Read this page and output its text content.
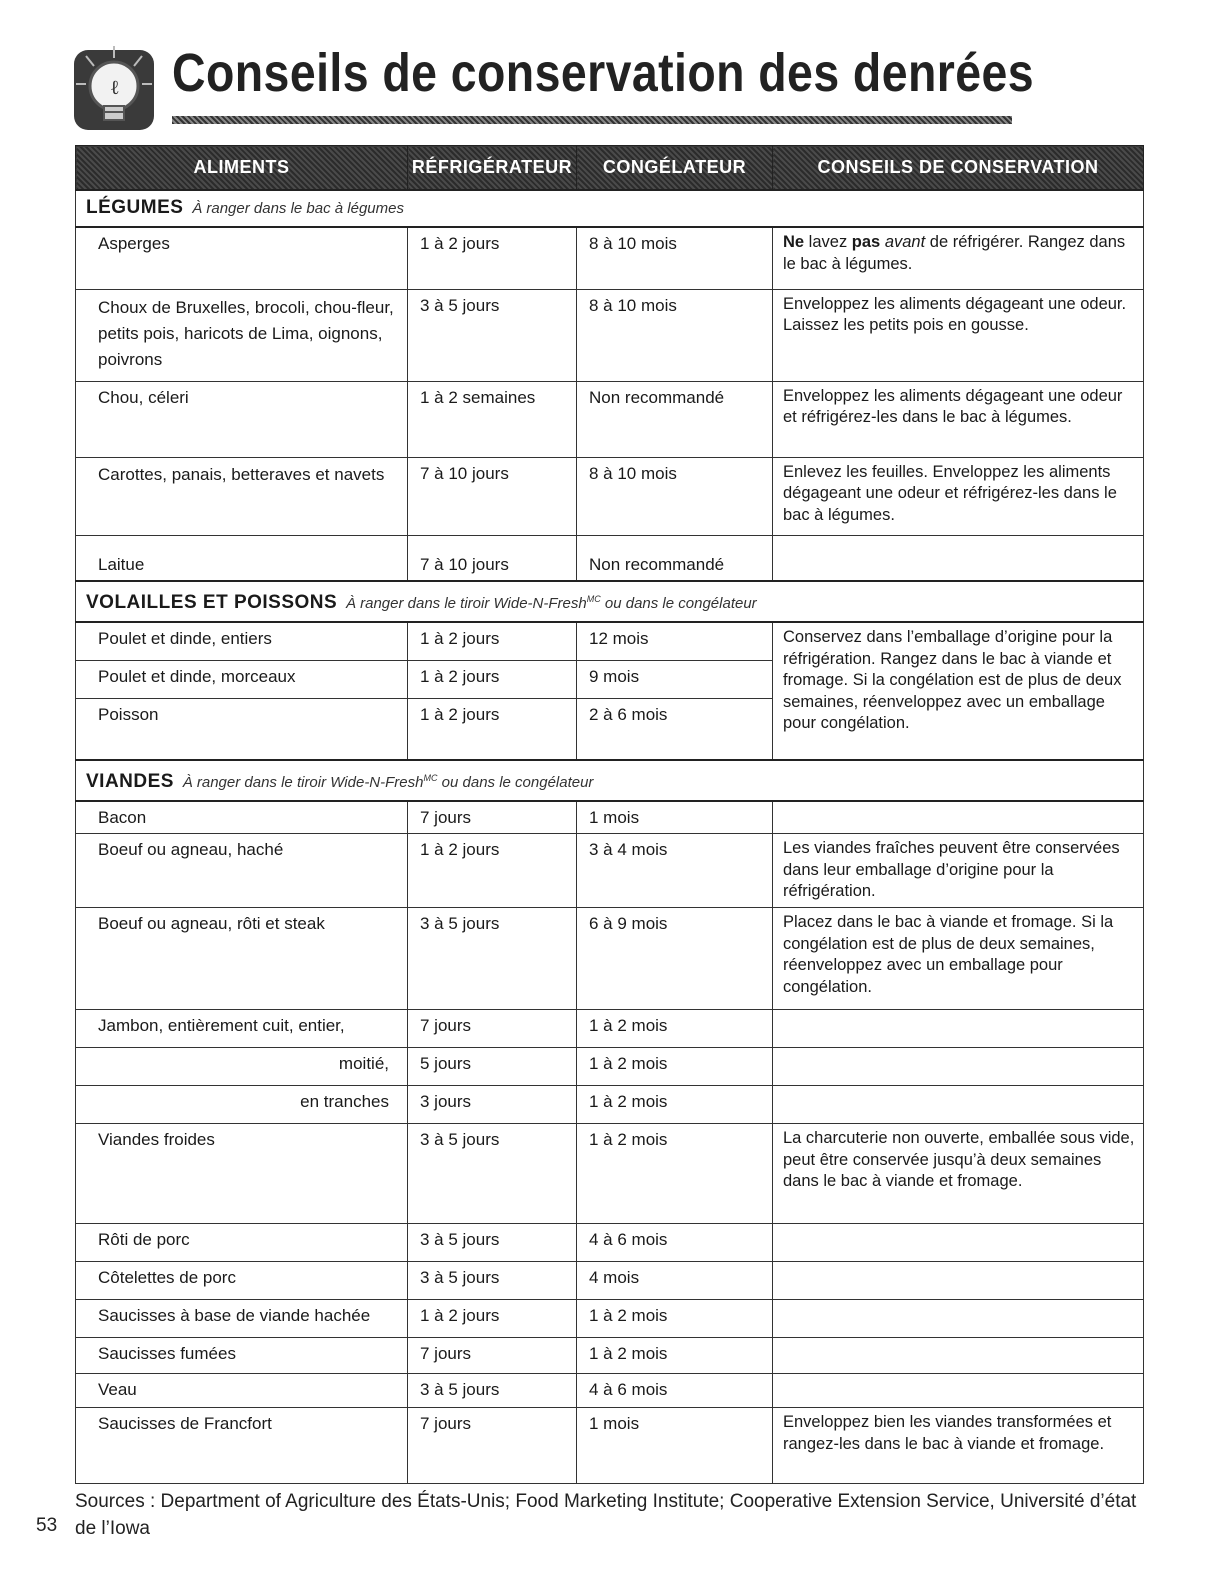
ℓ Conseils de conservation des denrées
ALIMENTS	RÉFRIGÉRATEUR	CONGÉLATEUR	CONSEILS DE CONSERVATION
LÉGUMES À ranger dans le bac à légumes			
Asperges	1 à 2 jours	8 à 10 mois	Ne lavez pas avant de réfrigérer. Rangez dans le bac à légumes.
Choux de Bruxelles, brocoli, chou-fleur, petits pois, haricots de Lima, oignons, poivrons	3 à 5 jours	8 à 10 mois	Enveloppez les aliments dégageant une odeur. Laissez les petits pois en gousse.
Chou, céleri	1 à 2 semaines	Non recommandé	Enveloppez les aliments dégageant une odeur et réfrigérez-les dans le bac à légumes.
Carottes, panais, betteraves et navets	7 à 10 jours	8 à 10 mois	Enlevez les feuilles. Enveloppez les aliments dégageant une odeur et réfrigérez-les dans le bac à légumes.
Laitue	7 à 10 jours	Non recommandé	
VOLAILLES ET POISSONS À ranger dans le tiroir Wide-N-Fresh$^{MC}$ ou dans le congélateur			
Poulet et dinde, entiers	1 à 2 jours	12 mois	Conservez dans l’emballage d’origine pour la réfrigération. Rangez dans le bac à viande et fromage. Si la congélation est de plus de deux semaines, réenveloppez avec un emballage pour congélation.
Poulet et dinde, morceaux	1 à 2 jours	9 mois	
Poisson	1 à 2 jours	2 à 6 mois	
VIANDES À ranger dans le tiroir Wide-N-Fresh$^{MC}$ ou dans le congélateur			
Bacon	7 jours	1 mois	
Boeuf ou agneau, haché	1 à 2 jours	3 à 4 mois	Les viandes fraîches peuvent être conservées dans leur emballage d’origine pour la réfrigération.
Boeuf ou agneau, rôti et steak	3 à 5 jours	6 à 9 mois	Placez dans le bac à viande et fromage. Si la congélation est de plus de deux semaines, réenveloppez avec un emballage pour congélation.
Jambon, entièrement cuit, entier,	7 jours	1 à 2 mois	
moitié,	5 jours	1 à 2 mois	
en tranches	3 jours	1 à 2 mois	
Viandes froides	3 à 5 jours	1 à 2 mois	La charcuterie non ouverte, emballée sous vide, peut être conservée jusqu’à deux semaines dans le bac à viande et fromage.
Rôti de porc	3 à 5 jours	4 à 6 mois	
Côtelettes de porc	3 à 5 jours	4 mois	
Saucisses à base de viande hachée	1 à 2 jours	1 à 2 mois	
Saucisses fumées	7 jours	1 à 2 mois	
Veau	3 à 5 jours	4 à 6 mois	
Saucisses de Francfort	7 jours	1 mois	Enveloppez bien les viandes transformées et rangez-les dans le bac à viande et fromage.

Sources : Department of Agriculture des États-Unis; Food Marketing Institute; Cooperative Extension Service, Université d’état de l’Iowa

53
